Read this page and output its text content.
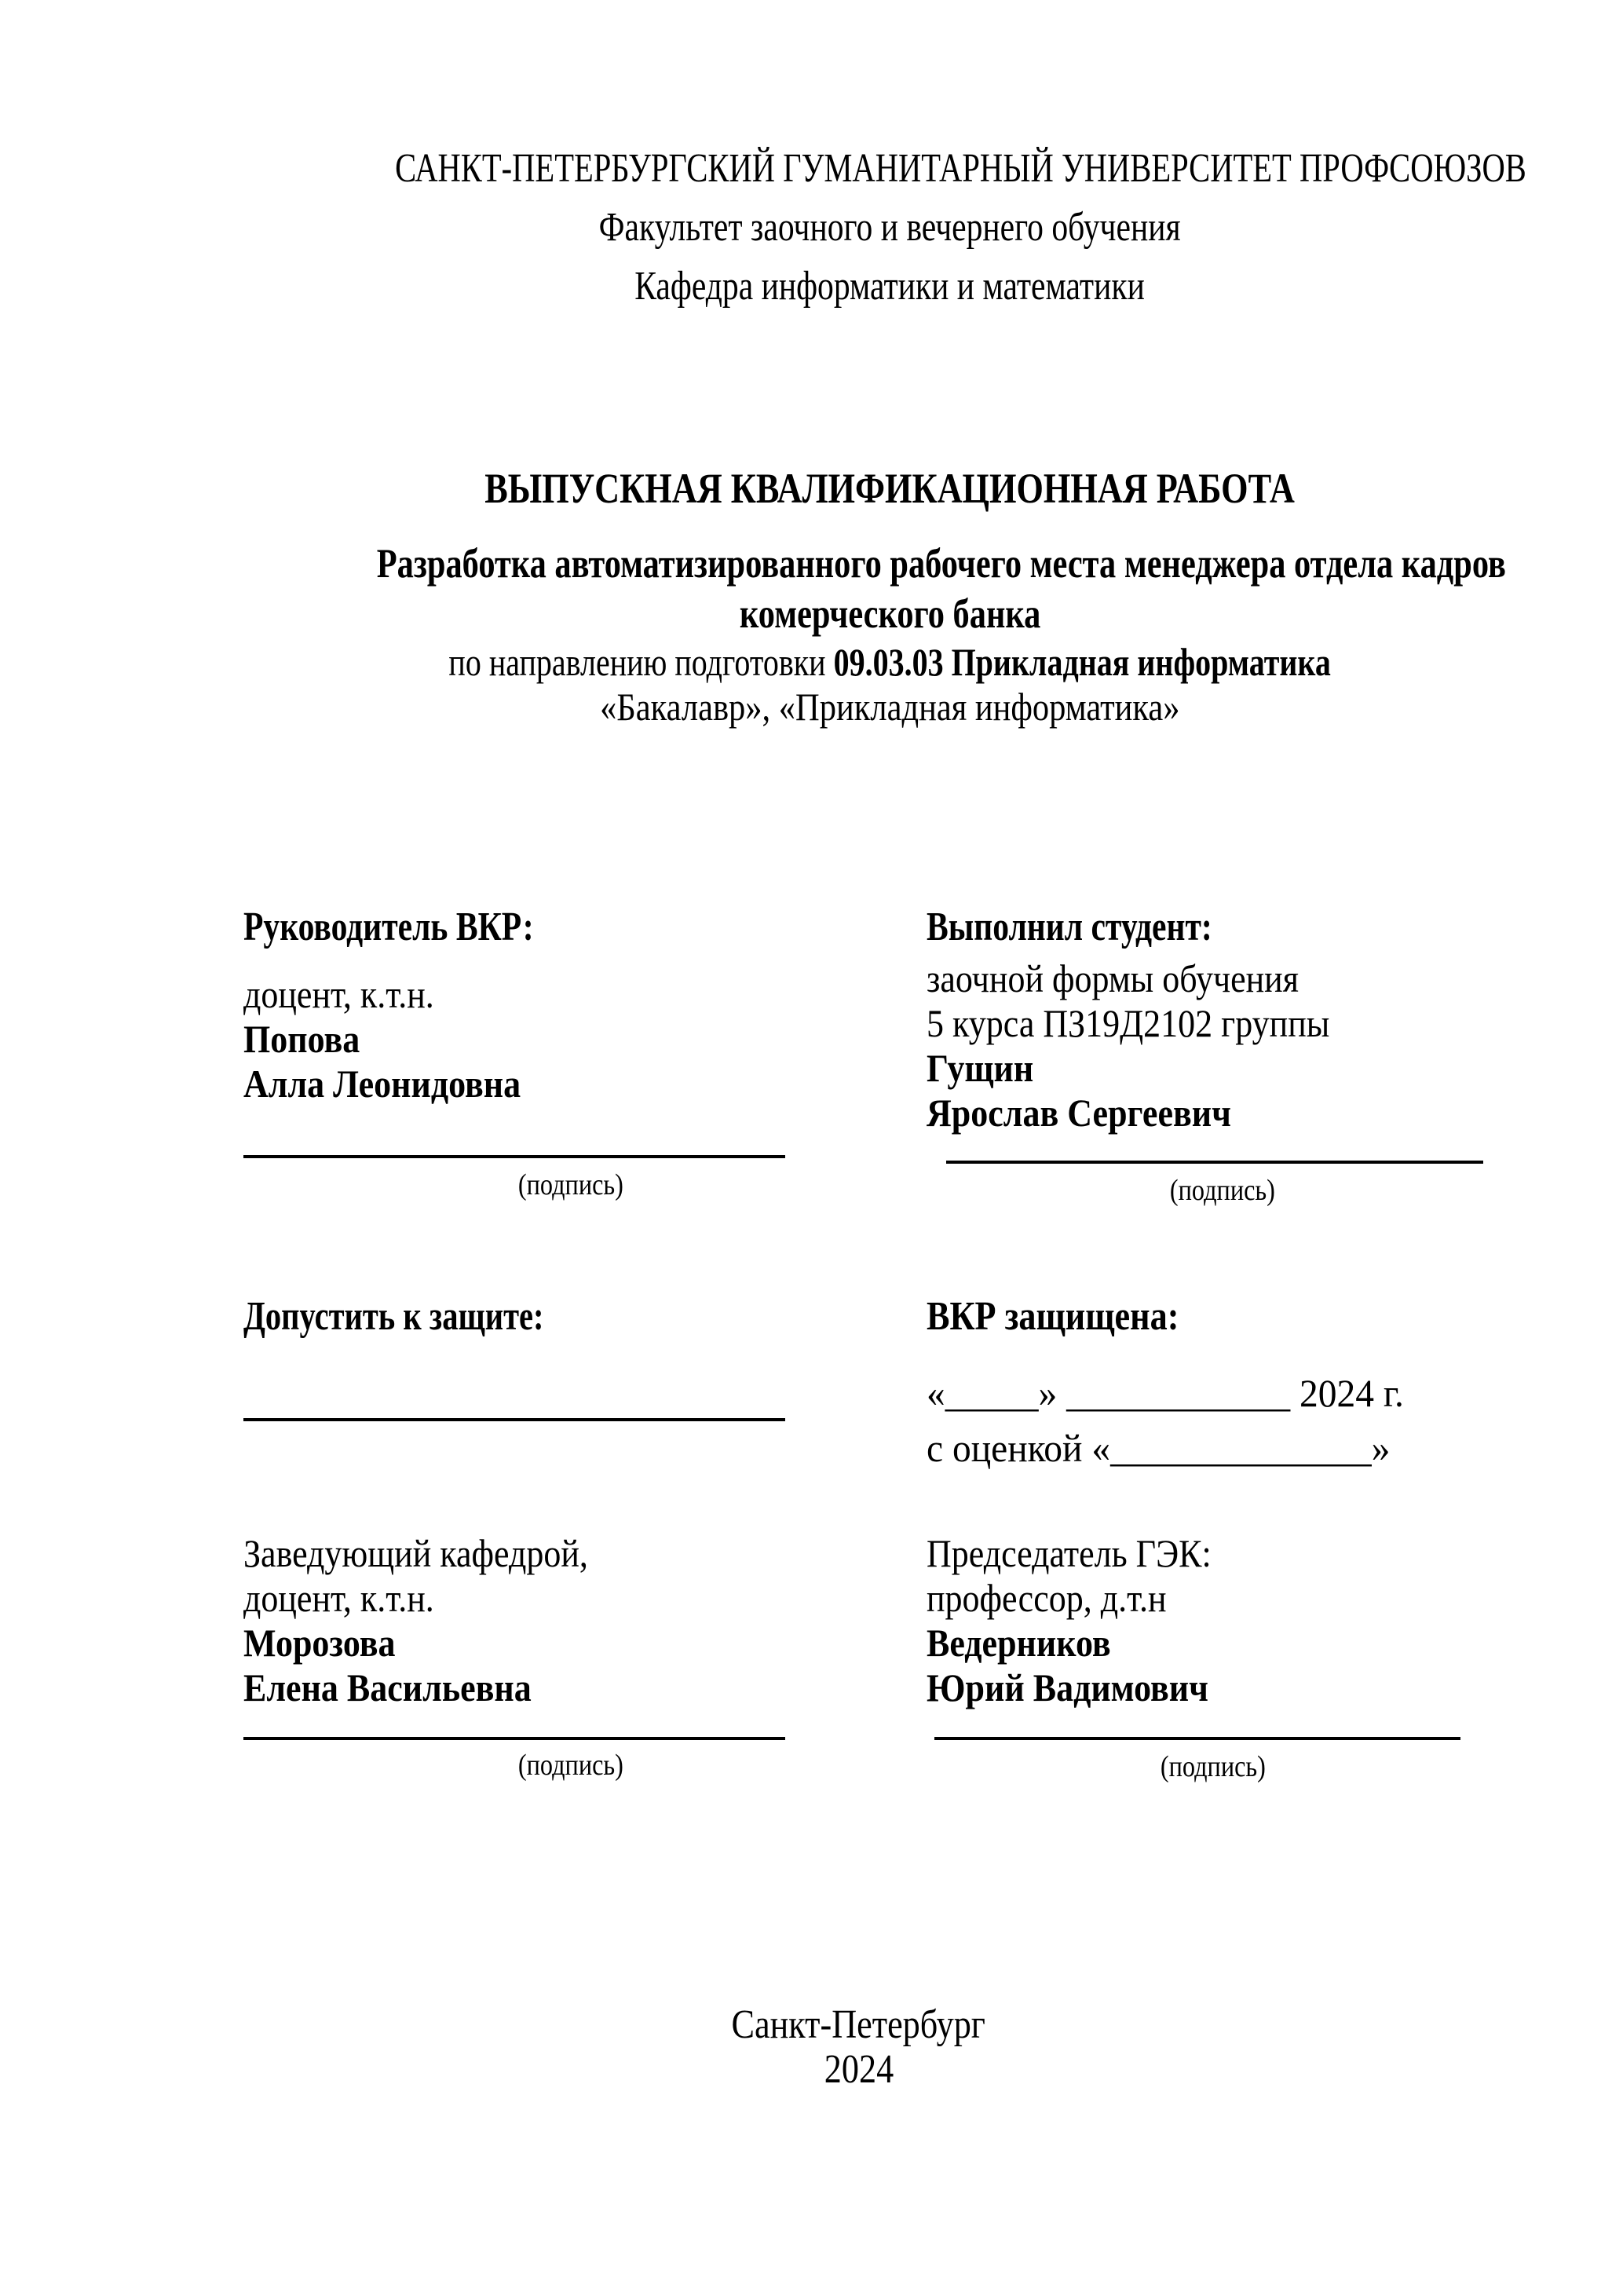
САНКТ-ПЕТЕРБУРГСКИЙ ГУМАНИТАРНЫЙ УНИВЕРСИТЕТ ПРОФСОЮЗОВ
Факультет заочного и вечернего обучения
Кафедра информатики и математики
ВЫПУСКНАЯ КВАЛИФИКАЦИОННАЯ РАБОТА
Разработка автоматизированного рабочего места менеджера отдела кадров
комерческого банка
по направлению подготовки 09.03.03 Прикладная информатика
«Бакалавр», «Прикладная информатика»
Руководитель ВКР:
доцент, к.т.н.
Попова
Алла Леонидовна
(подпись)
Выполнил студент:
заочной формы обучения
5 курса ПЗ19Д2102 группы
Гущин
Ярослав Сергеевич
(подпись)
Допустить к защите:	ВКР защищена:
«_____» ____________ 2024 г.
с оценкой «______________»
Заведующий кафедрой,
доцент, к.т.н.
Морозова
Елена Васильевна
(подпись)
Председатель ГЭК:
профессор, д.т.н
Ведерников
Юрий Вадимович
(подпись)
Санкт-Петербург
2024
